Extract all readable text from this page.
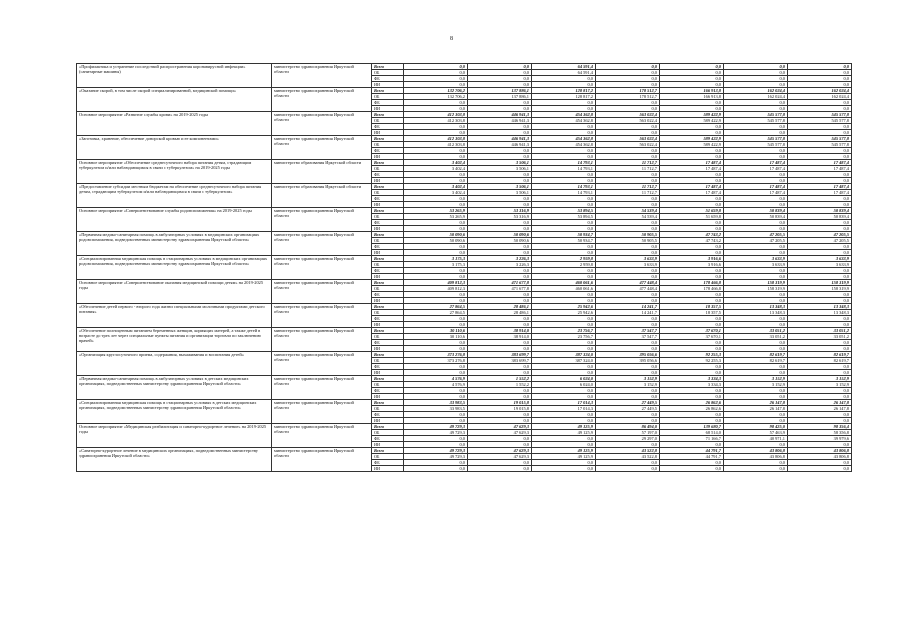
8
«Профилактика и устранение последствий распространения коронавирусной инфекции» (санитарные машины)	министерство здравоохранения Иркутской области	Всего	0,0	0,0	64 591,4	0,0	0,0	0,0	0,0
		ОБ	0,0	0,0	64 591,4	0,0	0,0	0,0	0,0
		ФБ	0,0	0,0	0,0	0,0	0,0	0,0	0,0
		ИИ	0,0	0,0	0,0	0,0	0,0	0,0	0,0
«Оказание скорой, в том числе скорой специализированной, медицинской помощи»	министерство здравоохранения Иркутской области	Всего	132 706,2	137 886,1	128 817,2	178 512,7	166 913,8	162 024,4	162 024,4
		ОБ	132 706,2	137 886,1	128 817,2	178 512,7	166 913,8	162 024,4	162 024,4
		ФБ	0,0	0,0	0,0	0,0	0,0	0,0	0,0
		ИИ	0,0	0,0	0,0	0,0	0,0	0,0	0,0
Основное мероприятие «Развитие службы крови» на 2019-2025 годы	министерство здравоохранения Иркутской области	Всего	412 303,8	446 941,3	454 362,8	563 022,4	589 422,9	545 577,8	545 577,8
		ОБ	412 303,8	446 941,3	454 362,8	563 022,4	589 422,9	545 577,8	545 577,8
		ФБ	0,0	0,0	0,0	0,0	0,0	0,0	0,0
		ИИ	0,0	0,0	0,0	0,0	0,0	0,0	0,0
«Заготовка, хранение, обеспечение донорской кровью и ее компонентами»	министерство здравоохранения Иркутской области	Всего	412 303,8	446 941,3	454 362,8	563 022,4	589 422,9	545 577,8	545 577,8
		ОБ	412 303,8	446 941,3	454 362,8	563 022,4	589 422,9	545 577,8	545 577,8
		ФБ	0,0	0,0	0,0	0,0	0,0	0,0	0,0
		ИИ	0,0	0,0	0,0	0,0	0,0	0,0	0,0
Основное мероприятие «Обеспечение среднесуточного набора питания детям, страдающим туберкулезом и/или наблюдающимся в связи с туберкулезом» на 2019-2025 годы	министерство образования Иркутской области	Всего	3 402,4	3 506,1	14 793,1	11 712,7	17 487,4	17 487,4	17 487,4
		ОБ	3 402,4	3 506,1	14 793,1	11 712,7	17 487,4	17 487,4	17 487,4
		ФБ	0,0	0,0	0,0	0,0	0,0	0,0	0,0
		ИИ	0,0	0,0	0,0	0,0	0,0	0,0	0,0
«Предоставление субсидии местным бюджетам на обеспечение среднесуточного набора питания детям, страдающим туберкулезом и/или наблюдающимся в связи с туберкулезом»	министерство образования Иркутской области	Всего	3 402,4	3 506,1	14 793,1	11 712,7	17 487,4	17 487,4	17 487,4
		ОБ	3 402,4	3 506,1	14 793,1	11 712,7	17 487,4	17 487,4	17 487,4
		ФБ	0,0	0,0	0,0	0,0	0,0	0,0	0,0
		ИИ	0,0	0,0	0,0	0,0	0,0	0,0	0,0
Основное мероприятие «Совершенствование службы родовспоможения» на 2019-2025 годы	министерство здравоохранения Иркутской области	Всего	53 265,9	53 316,9	53 894,5	54 539,4	51 659,8	50 839,4	50 839,4
		ОБ	53 265,9	53 316,9	53 894,5	54 539,4	51 659,8	50 839,4	50 839,4
		ФБ	0,0	0,0	0,0	0,0	0,0	0,0	0,0
		ИИ	0,0	0,0	0,0	0,0	0,0	0,0	0,0
«Первичная медико-санитарная помощь в амбулаторных условиях в медицинских организациях родовспоможения, подведомственных министерству здравоохранения Иркутской области»	министерство здравоохранения Иркутской области	Всего	50 090,6	50 090,6	50 934,7	50 905,5	47 743,2	47 205,5	47 205,5
		ОБ	50 090,6	50 090,6	50 934,7	50 905,5	47 743,2	47 205,5	47 205,5
		ФБ	0,0	0,0	0,0	0,0	0,0	0,0	0,0
		ИИ	0,0	0,0	0,0	0,0	0,0	0,0	0,0
«Специализированная медицинская помощь в стационарных условиях в медицинских организациях родовспоможения, подведомственных министерству здравоохранения Иркутской области»	министерство здравоохранения Иркутской области	Всего	3 175,3	3 226,3	2 959,8	3 633,9	3 916,6	3 633,9	3 633,9
		ОБ	3 175,3	3 226,3	2 959,8	3 633,9	3 916,6	3 633,9	3 633,9
		ФБ	0,0	0,0	0,0	0,0	0,0	0,0	0,0
		ИИ	0,0	0,0	0,0	0,0	0,0	0,0	0,0
Основное мероприятие «Совершенствование оказания медицинской помощи детям» на 2019-2025 годы	министерство здравоохранения Иркутской области	Всего	409 812,3	471 677,8	460 061,6	477 448,4	178 466,8	158 319,9	158 319,9
		ОБ	409 812,3	471 677,8	460 061,6	477 448,4	178 466,8	158 319,9	158 319,9
		ФБ	0,0	0,0	0,0	0,0	0,0	0,0	0,0
		ИИ	0,0	0,0	0,0	0,0	0,0	0,0	0,0
«Обеспечение детей первого - второго года жизни специальными молочными продуктами детского питания»	министерство здравоохранения Иркутской области	Всего	27 864,5	28 486,1	25 942,6	14 241,7	18 357,5	13 348,3	13 348,3
		ОБ	27 864,5	28 486,1	25 942,6	14 241,7	18 357,5	13 348,3	13 348,3
		ФБ	0,0	0,0	0,0	0,0	0,0	0,0	0,0
		ИИ	0,0	0,0	0,0	0,0	0,0	0,0	0,0
«Обеспечение полноценным питанием беременных женщин, кормящих матерей, а также детей в возрасте до трех лет через специальные пункты питания и организации торговли по заключению врачей»	министерство здравоохранения Иркутской области	Всего	30 110,6	38 914,0	23 756,7	37 547,7	37 670,1	33 051,2	33 051,2
		ОБ	30 110,6	38 914,0	23 756,7	37 547,7	37 670,1	33 051,2	33 051,2
		ФБ	0,0	0,0	0,0	0,0	0,0	0,0	0,0
		ИИ	0,0	0,0	0,0	0,0	0,0	0,0	0,0
«Организация круглосуточного приема, содержания, выхаживания и воспитания детей»	министерство здравоохранения Иркутской области	Всего	373 276,8	383 699,7	387 324,0	395 056,6	92 255,3	82 619,7	82 619,7
		ОБ	373 276,8	383 699,7	387 324,0	395 056,6	92 255,3	82 619,7	82 619,7
		ФБ	0,0	0,0	0,0	0,0	0,0	0,0	0,0
		ИИ	0,0	0,0	0,0	0,0	0,0	0,0	0,0
«Первичная медико-санитарная помощь в амбулаторных условиях в детских медицинских организациях, подведомственных министерству здравоохранения Иркутской области»	министерство здравоохранения Иркутской области	Всего	4 576,9	1 552,2	6 024,0	3 152,9	3 334,3	3 152,9	3 152,9
		ОБ	4 576,9	1 552,2	6 024,0	3 152,9	3 334,3	3 152,9	3 152,9
		ФБ	0,0	0,0	0,0	0,0	0,0	0,0	0,0
		ИИ	0,0	0,0	0,0	0,0	0,0	0,0	0,0
«Специализированная медицинская помощь в стационарных условиях в детских медицинских организациях, подведомственных министерству здравоохранения Иркутской области»	министерство здравоохранения Иркутской области	Всего	33 983,5	19 015,8	17 014,3	27 449,5	26 862,6	26 147,8	26 147,8
		ОБ	33 983,5	19 015,8	17 014,3	27 449,5	26 862,6	26 147,8	26 147,8
		ФБ	0,0	0,0	0,0	0,0	0,0	0,0	0,0
		ИИ	0,0	0,0	0,0	0,0	0,0	0,0	0,0
Основное мероприятие «Медицинская реабилитация и санаторно-курортное лечение» на 2019-2025 годы	министерство здравоохранения Иркутской области	Всего	49 729,3	47 629,3	49 125,9	86 494,0	139 680,7	98 425,0	98 356,4
		ОБ	49 729,3	47 629,3	49 125,9	57 197,0	68 514,0	57 463,9	58 356,8
		ФБ	0,0	0,0	0,0	29 297,0	71 166,7	40 971,1	39 979,6
		ИИ	0,0	0,0	0,0	0,0	0,0	0,0	0,0
«Санаторно-курортное лечение в медицинских организациях, подведомственных министерству здравоохранения Иркутской области»	министерство здравоохранения Иркутской области	Всего	49 729,3	47 629,3	49 125,9	43 522,8	44 791,7	43 806,8	43 806,8
		ОБ	49 729,3	47 629,3	49 125,9	43 522,8	44 791,7	43 806,8	43 806,8
		ФБ	0,0	0,0	0,0	0,0	0,0	0,0	0,0
		ИИ	0,0	0,0	0,0	0,0	0,0	0,0	0,0
